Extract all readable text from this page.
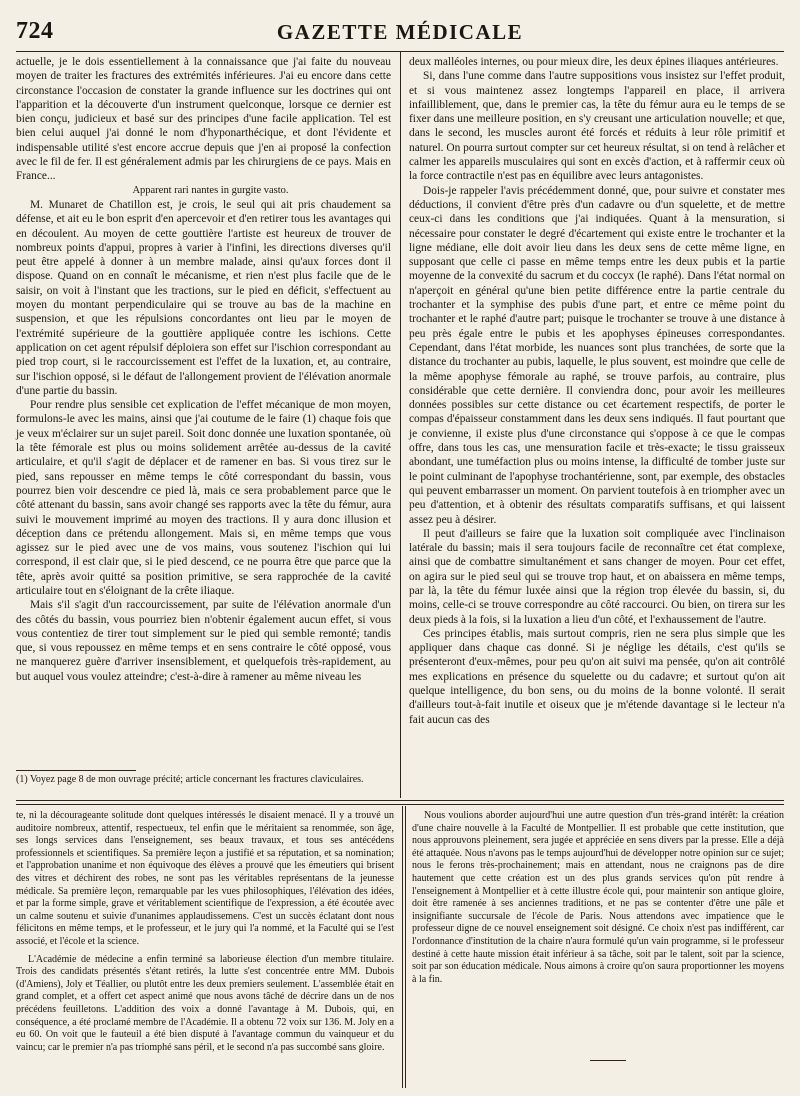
724	GAZETTE MÉDICALE

actuelle, je le dois essentiellement à la connaissance que j'ai faite du nouveau moyen de traiter les fractures des extrémités inférieures. J'ai eu encore dans cette circonstance l'occasion de constater la grande influence sur les doctrines qui ont l'apparition et la découverte d'un instrument quelconque, lorsque ce dernier est bien conçu, judicieux et basé sur des principes d'une facile application. Tel est bien celui auquel j'ai donné le nom d'hyponarthécique, et dont l'évidente et indispensable utilité s'est encore accrue depuis que j'en ai proposé la confection avec le fil de fer. Il est généralement admis par les chirurgiens de ce pays. Mais en France...

Apparent rari nantes in gurgite vasto.

M. Munaret de Chatillon est, je crois, le seul qui ait pris chaudement sa défense, et ait eu le bon esprit d'en apercevoir et d'en retirer tous les avantages qui en découlent. Au moyen de cette gouttière l'artiste est heureux de trouver de nombreux points d'appui, propres à varier à l'infini, les directions diverses qu'il peut être appelé à donner à un membre malade, ainsi qu'aux forces dont il dispose. Quand on en connaît le mécanisme, et rien n'est plus facile que de le saisir, on voit à l'instant que les tractions, sur le pied en déficit, s'effectuent au moyen du montant perpendiculaire qui se trouve au bas de la machine en suspension, et que les répulsions concordantes ont lieu par le moyen de l'extrémité supérieure de la gouttière appliquée contre les ischions. Cette application on cet agent répulsif déploiera son effet sur l'ischion correspondant au pied trop court, si le raccourcissement est l'effet de la luxation, et, au contraire, sur l'ischion opposé, si le défaut de l'allongement provient de l'élévation anormale d'une partie du bassin.

Pour rendre plus sensible cet explication de l'effet mécanique de mon moyen, formulons-le avec les mains, ainsi que j'ai coutume de le faire (1) chaque fois que je veux m'éclairer sur un sujet pareil. Soit donc donnée une luxation spontanée, où la tête fémorale est plus ou moins solidement arrêtée au-dessus de la cavité articulaire, et qu'il s'agit de déplacer et de ramener en bas. Si vous tirez sur le pied, sans repousser en même temps le côté correspondant du bassin, vous pourrez bien voir descendre ce pied là, mais ce sera probablement parce que le côté attenant du bassin, sans avoir changé ses rapports avec la tête du fémur, aura suivi le mouvement imprimé au moyen des tractions. Il y aura donc illusion et déception dans ce prétendu allongement. Mais si, en même temps que vous agissez sur le pied avec une de vos mains, vous soutenez l'ischion qui lui correspond, il est clair que, si le pied descend, ce ne pourra être que parce que la tête, après avoir quitté sa position primitive, se sera rapprochée de la cavité articulaire tout en s'éloignant de la crête iliaque.

Mais s'il s'agit d'un raccourcissement, par suite de l'élévation anormale d'un des côtés du bassin, vous pourriez bien n'obtenir également aucun effet, si vous vous contentiez de tirer tout simplement sur le pied qui semble remonté; tandis que, si vous repoussez en même temps et en sens contraire le côté opposé, vous ne manquerez guère d'arriver insensiblement, et quelquefois très-rapidement, au but auquel vous voulez atteindre; c'est-à-dire à ramener au même niveau les

deux malléoles internes, ou pour mieux dire, les deux épines iliaques antérieures.

Si, dans l'une comme dans l'autre suppositions vous insistez sur l'effet produit, et si vous maintenez assez longtemps l'appareil en place, il arrivera infailliblement, que, dans le premier cas, la tête du fémur aura eu le temps de se fixer dans une meilleure position, en s'y creusant une articulation nouvelle; et que, dans le second, les muscles auront été forcés et réduits à leur rôle primitif et naturel. On pourra surtout compter sur cet heureux résultat, si on tend à relâcher et calmer les appareils musculaires qui sont en excès d'action, et à raffermir ceux où la force contractile n'est pas en équilibre avec leurs antagonistes.

Dois-je rappeler l'avis précédemment donné, que, pour suivre et constater mes déductions, il convient d'être près d'un cadavre ou d'un squelette, et de mettre ceux-ci dans les conditions que j'ai indiquées. Quant à la mensuration, si nécessaire pour constater le degré d'écartement qui existe entre le trochanter et la ligne médiane, elle doit avoir lieu dans les deux sens de cette même ligne, en supposant que celle ci passe en même temps entre les deux pubis et la partie moyenne de la convexité du sacrum et du coccyx (le raphé). Dans l'état normal on n'aperçoit en général qu'une bien petite différence entre la partie centrale du trochanter et la symphise des pubis d'une part, et entre ce même point du trochanter et le raphé d'autre part; puisque le trochanter se trouve à une distance à peu près égale entre le pubis et les apophyses épineuses correspondantes. Cependant, dans l'état morbide, les nuances sont plus tranchées, de sorte que la distance du trochanter au pubis, laquelle, le plus souvent, est moindre que celle de la même apophyse fémorale au raphé, se trouve parfois, au contraire, plus considérable que cette dernière. Il conviendra donc, pour avoir les meilleures données possibles sur cette distance ou cet écartement respectifs, de porter le compas d'épaisseur constamment dans les deux sens indiqués. Il faut pourtant que je convienne, il existe plus d'une circonstance qui s'oppose à ce que le compas offre, dans tous les cas, une mensuration facile et très-exacte; le tissu graisseux abondant, une tuméfaction plus ou moins intense, la difficulté de tomber juste sur le point culminant de l'apophyse trochantérienne, sont, par exemple, des obstacles qui peuvent embarrasser un moment. On parvient toutefois à en triompher avec un peu d'attention, et à obtenir des résultats comparatifs suffisans, et qui laissent assez peu à désirer.

Il peut d'ailleurs se faire que la luxation soit compliquée avec l'inclinaison latérale du bassin; mais il sera toujours facile de reconnaître cet état complexe, ainsi que de combattre simultanément et sans changer de moyen. Pour cet effet, on agira sur le pied seul qui se trouve trop haut, et on abaissera en même temps, par là, la tête du fémur luxée ainsi que la région trop élevée du bassin, si, du moins, celle-ci se trouve correspondre au côté raccourci. Ou bien, on tirera sur les deux pieds à la fois, si la luxation a lieu d'un côté, et l'exhaussement de l'autre.

Ces principes établis, mais surtout compris, rien ne sera plus simple que les appliquer dans chaque cas donné. Si je néglige les détails, c'est qu'ils se présenteront d'eux-mêmes, pour peu qu'on ait suivi ma pensée, qu'on ait contrôlé mes explications en présence du squelette ou du cadavre; et surtout qu'on ait quelque intelligence, du bon sens, ou du moins de la bonne volonté. Il serait d'ailleurs tout-à-fait inutile et oiseux que je m'étende davantage si le lecteur n'a fait aucun cas des

(1) Voyez page 8 de mon ouvrage précité; article concernant les fractures claviculaires.

te, ni la décourageante solitude dont quelques intéressés le disaient menacé. Il y a trouvé un auditoire nombreux, attentif, respectueux, tel enfin que le méritaient sa renommée, son âge, ses longs services dans l'enseignement, ses beaux travaux, et tous ses antécédens professionnels et scientifiques. Sa première leçon a justifié et sa réputation, et sa nomination; et l'approbation unanime et non équivoque des élèves a prouvé que les émeutiers qui brisent des vitres et déchirent des robes, ne sont pas les véritables représentans de la jeunesse médicale. Sa première leçon, remarquable par les vues philosophiques, l'élévation des idées, et par la forme simple, grave et véritablement scientifique de l'expression, a été écoutée avec un calme soutenu et suivie d'unanimes applaudissemens. C'est un succès éclatant dont nous félicitons en même temps, et le professeur, et le jury qui l'a nommé, et la Faculté qui se l'est associé, et l'école et la science.

L'Académie de médecine a enfin terminé sa laborieuse élection d'un membre titulaire. Trois des candidats présentés s'étant retirés, la lutte s'est concentrée entre MM. Dubois (d'Amiens), Joly et Téallier, ou plutôt entre les deux premiers seulement. L'assemblée était en grand complet, et a offert cet aspect animé que nous avons tâché de décrire dans un de nos précédens feuilletons. L'addition des voix a donné l'avantage à M. Dubois, qui, en conséquence, a été proclamé membre de l'Académie. Il a obtenu 72 voix sur 136. M. Joly en a eu 60. On voit que le fauteuil a été bien disputé à l'avantage commun du vainqueur et du vaincu; car le premier n'a pas triomphé sans péril, et le second n'a pas succombé sans gloire.

Nous voulions aborder aujourd'hui une autre question d'un très-grand intérêt: la création d'une chaire nouvelle à la Faculté de Montpellier. Il est probable que cette institution, que nous approuvons pleinement, sera jugée et appréciée en sens divers par la presse. Elle a déjà été attaquée. Nous n'avons pas le temps aujourd'hui de développer notre opinion sur ce sujet; nous le ferons très-prochainement; mais en attendant, nous ne craignons pas de dire hautement que cette création est un des plus grands services qu'on pût rendre à l'enseignement à Montpellier et à cette illustre école qui, pour maintenir son antique gloire, doit être ramenée à ses anciennes traditions, et ne pas se contenter d'être une pâle et insignifiante succursale de l'école de Paris. Nous attendons avec impatience que le professeur digne de ce nouvel enseignement soit désigné. Ce choix n'est pas indifférent, car l'ordonnance d'institution de la chaire n'aura formulé qu'un vain programme, si le professeur destiné à cette haute mission était inférieur à sa tâche, soit par le talent, soit par la science, soit par son éducation médicale. Nous aimons à croire qu'on saura proportionner les moyens à la fin.
